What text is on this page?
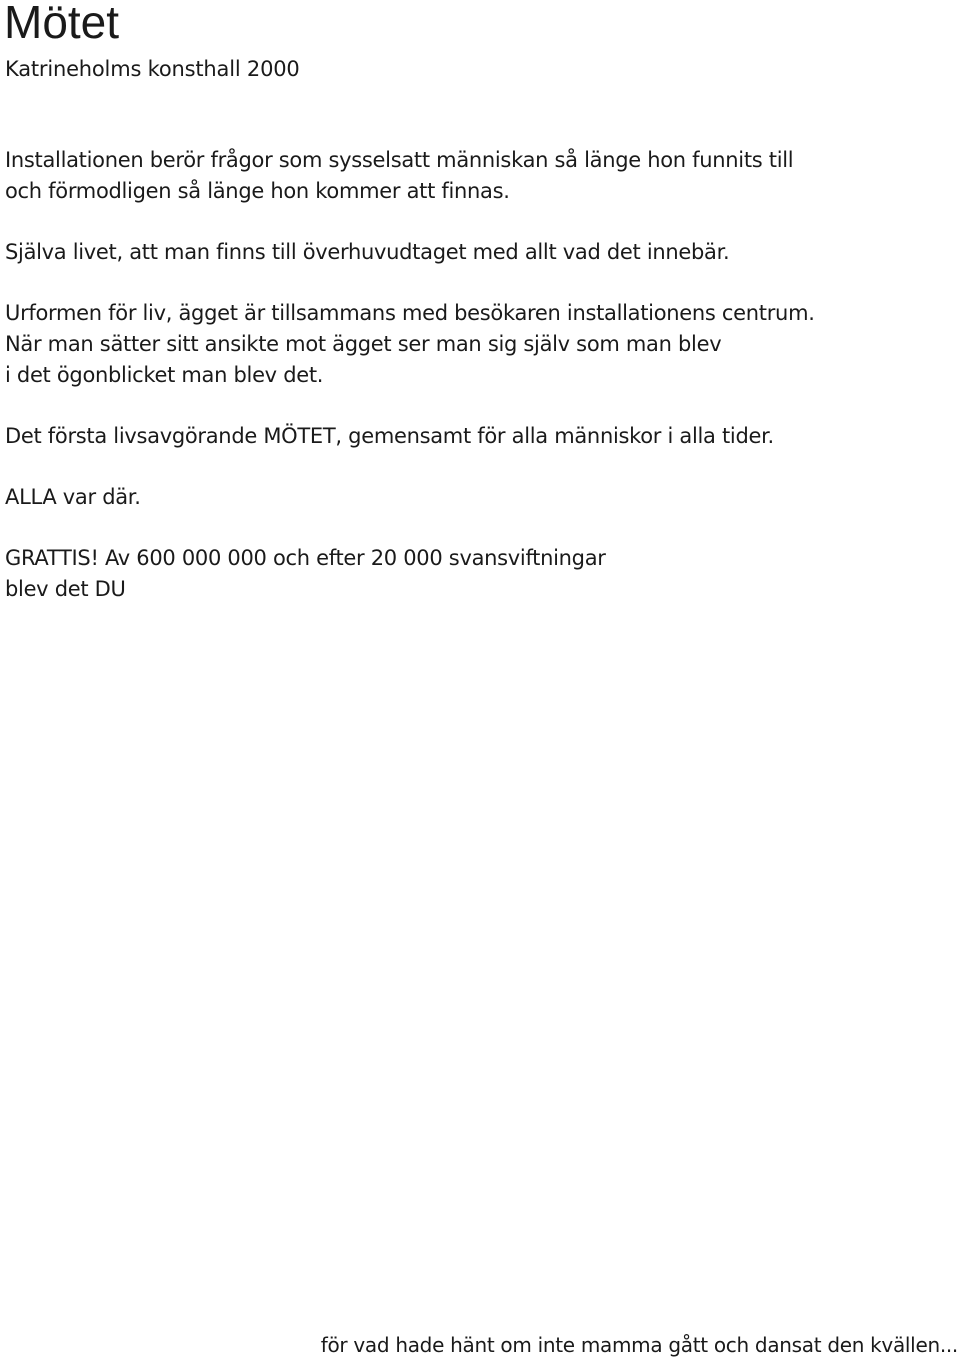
Mötet

Katrineholms konsthall 2000

Installationen berör frågor som sysselsatt människan så länge hon funnits till
och förmodligen så länge hon kommer att finnas.

Själva livet, att man finns till överhuvudtaget med allt vad det innebär.

Urformen för liv, ägget är tillsammans med besökaren installationens centrum.
När man sätter sitt ansikte mot ägget ser man sig själv som man blev
i det ögonblicket man blev det.

Det första livsavgörande MÖTET, gemensamt för alla människor i alla tider.

ALLA var där.

GRATTIS! Av 600 000 000 och efter 20 000 svansviftningar
blev det DU

för vad hade hänt om inte mamma gått och dansat den kvällen...
